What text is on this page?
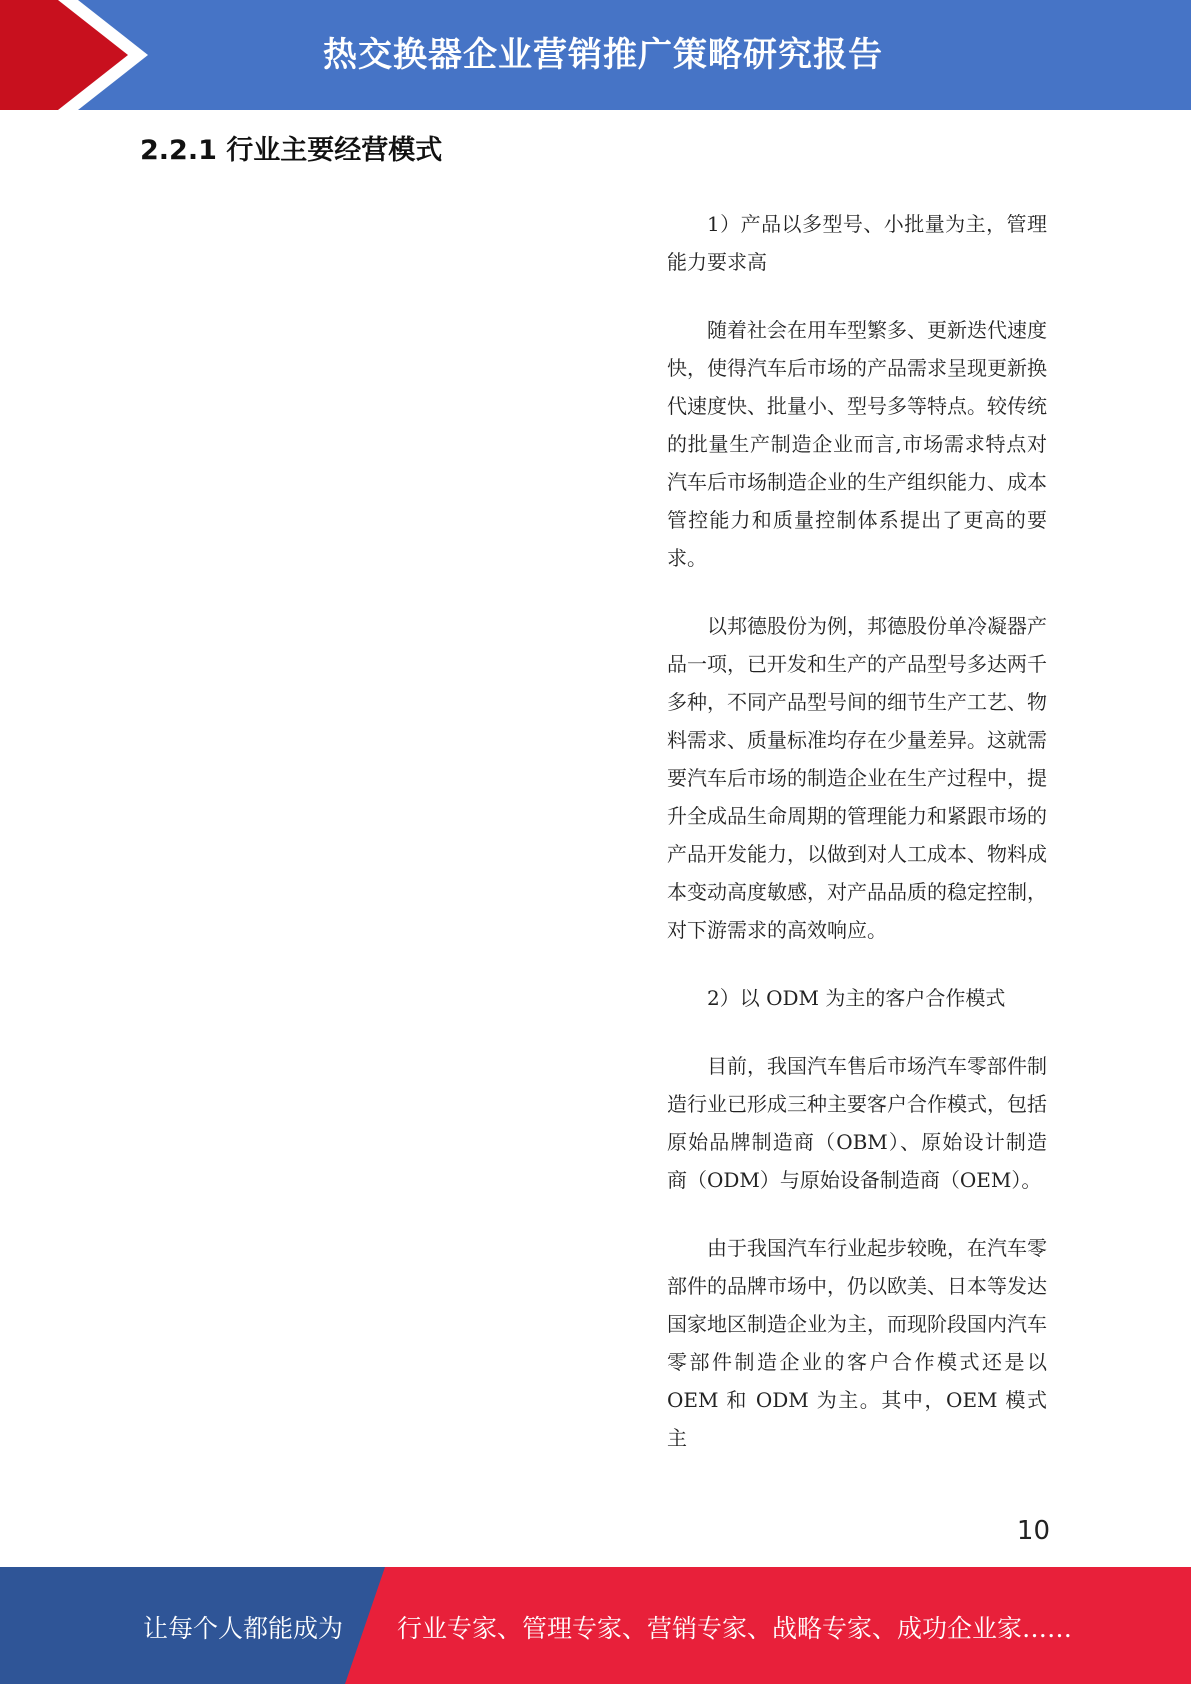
热交换器企业营销推广策略研究报告
2.2.1 行业主要经营模式

1）产品以多型号、小批量为主，管理能力要求高

随着社会在用车型繁多、更新迭代速度快，使得汽车后市场的产品需求呈现更新换代速度快、批量小、型号多等特点。较传统的批量生产制造企业而言,市场需求特点对汽车后市场制造企业的生产组织能力、成本管控能力和质量控制体系提出了更高的要求。

以邦德股份为例，邦德股份单冷凝器产品一项，已开发和生产的产品型号多达两千多种，不同产品型号间的细节生产工艺、物料需求、质量标准均存在少量差异。这就需要汽车后市场的制造企业在生产过程中，提升全成品生命周期的管理能力和紧跟市场的产品开发能力，以做到对人工成本、物料成本变动高度敏感，对产品品质的稳定控制，对下游需求的高效响应。

2）以 ODM 为主的客户合作模式

目前，我国汽车售后市场汽车零部件制造行业已形成三种主要客户合作模式，包括原始品牌制造商（OBM）、原始设计制造商（ODM）与原始设备制造商（OEM）。

由于我国汽车行业起步较晚，在汽车零部件的品牌市场中，仍以欧美、日本等发达国家地区制造企业为主，而现阶段国内汽车零部件制造企业的客户合作模式还是以 OEM 和 ODM 为主。其中，OEM 模式主

10
让每个人都能成为 行业专家、管理专家、营销专家、战略专家、成功企业家……
